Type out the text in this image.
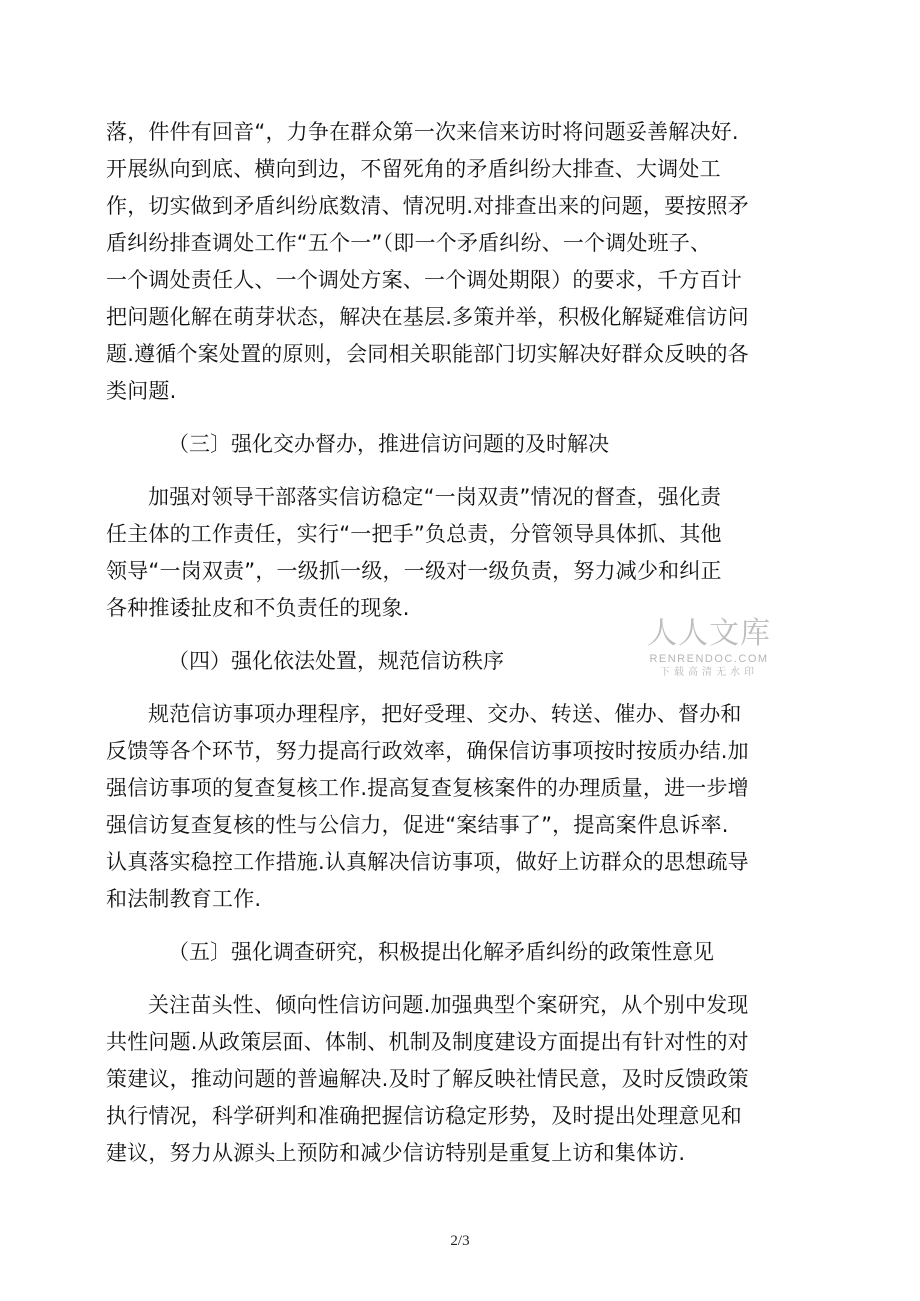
落，件件有回音“，力争在群众第一次来信来访时将问题妥善解决好.

开展纵向到底、横向到边，不留死角的矛盾纠纷大排查、大调处工

作，切实做到矛盾纠纷底数清、情况明.对排查出来的问题，要按照矛

盾纠纷排查调处工作“五个一”（即一个矛盾纠纷、一个调处班子、

一个调处责任人、一个调处方案、一个调处期限）的要求，千方百计

把问题化解在萌芽状态，解决在基层.多策并举，积极化解疑难信访问

题.遵循个案处置的原则，会同相关职能部门切实解决好群众反映的各

类问题.

（三〕强化交办督办，推进信访问题的及时解决

加强对领导干部落实信访稳定“一岗双责”情况的督查，强化责

任主体的工作责任，实行“一把手”负总责，分管领导具体抓、其他

领导“一岗双责”，一级抓一级，一级对一级负责，努力减少和纠正

各种推诿扯皮和不负责任的现象.

（四）强化依法处置，规范信访秩序

规范信访事项办理程序，把好受理、交办、转送、催办、督办和

反馈等各个环节，努力提高行政效率，确保信访事项按时按质办结.加

强信访事项的复查复核工作.提高复查复核案件的办理质量，进一步增

强信访复查复核的性与公信力，促进“案结事了”，提高案件息诉率.

认真落实稳控工作措施.认真解决信访事项，做好上访群众的思想疏导

和法制教育工作.

（五〕强化调查研究，积极提出化解矛盾纠纷的政策性意见

关注苗头性、倾向性信访问题.加强典型个案研究，从个别中发现

共性问题.从政策层面、体制、机制及制度建设方面提出有针对性的对

策建议，推动问题的普遍解决.及时了解反映社情民意，及时反馈政策

执行情况，科学研判和准确把握信访稳定形势，及时提出处理意见和

建议，努力从源头上预防和减少信访特别是重复上访和集体访.

人人文库
RENRENDOC.COM
下载高清无水印
2/3
